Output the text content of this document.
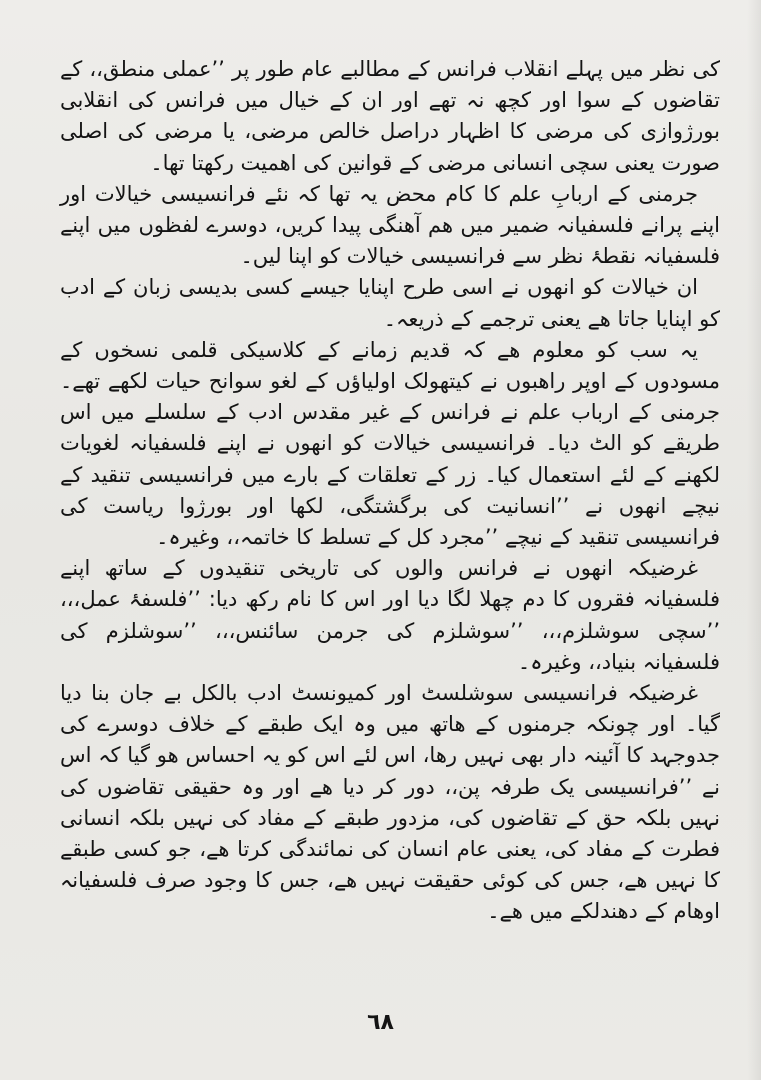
کی نظر میں پہلے انقلاب فرانس کے مطالبے عام طور پر ’’عملی منطق،، کے تقاضوں کے سوا اور کچھ نہ تھے اور ان کے خیال میں فرانس کی انقلابی بورژوازی کی مرضی کا اظہار دراصل خالص مرضی، یا مرضی کی اصلی صورت یعنی سچی انسانی مرضی کے قوانین کی اھمیت رکھتا تھا۔

جرمنی کے اربابِ علم کا کام محض یہ تھا کہ نئے فرانسیسی خیالات اور اپنے پرانے فلسفیانہ ضمیر میں ھم آھنگی پیدا کریں، دوسرے لفظوں میں اپنے فلسفیانہ نقطۂ نظر سے فرانسیسی خیالات کو اپنا لیں۔

ان خیالات کو انھوں نے اسی طرح اپنایا جیسے کسی بدیسی زبان کے ادب کو اپنایا جاتا ھے یعنی ترجمے کے ذریعہ۔

یہ سب کو معلوم ھے کہ قدیم زمانے کے کلاسیکی قلمی نسخوں کے مسودوں کے اوپر راھبوں نے کیتھولک اولیاؤں کے لغو سوانح حیات لکھے تھے۔ جرمنی کے ارباب علم نے فرانس کے غیر مقدس ادب کے سلسلے میں اس طریقے کو الٹ دیا۔ فرانسیسی خیالات کو انھوں نے اپنے فلسفیانہ لغویات لکھنے کے لئے استعمال کیا۔ زر کے تعلقات کے بارے میں فرانسیسی تنقید کے نیچے انھوں نے ’’انسانیت کی برگشتگی، لکھا اور بورژوا ریاست کی فرانسیسی تنقید کے نیچے ’’مجرد کل کے تسلط کا خاتمہ،، وغیرہ۔

غرضیکہ انھوں نے فرانس والوں کی تاریخی تنقیدوں کے ساتھ اپنے فلسفیانہ فقروں کا دم چھلا لگا دیا اور اس کا نام رکھ دیا: ’’فلسفۂ عمل،،، ’’سچی سوشلزم،،، ’’سوشلزم کی جرمن سائنس،،، ’’سوشلزم کی فلسفیانہ بنیاد،، وغیرہ۔

غرضیکہ فرانسیسی سوشلسٹ اور کمیونسٹ ادب بالکل بے جان بنا دیا گیا۔ اور چونکہ جرمنوں کے ھاتھ میں وہ ایک طبقے کے خلاف دوسرے کی جدوجہد کا آئینہ دار بھی نہیں رھا، اس لئے اس کو یہ احساس ھو گیا کہ اس نے ’’فرانسیسی یک طرفہ پن،، دور کر دیا ھے اور وہ حقیقی تقاضوں کی نہیں بلکہ حق کے تقاضوں کی، مزدور طبقے کے مفاد کی نہیں بلکہ انسانی فطرت کے مفاد کی، یعنی عام انسان کی نمائندگی کرتا ھے، جو کسی طبقے کا نہیں ھے، جس کی کوئی حقیقت نہیں ھے، جس کا وجود صرف فلسفیانہ اوھام کے دھندلکے میں ھے۔

٦٨
